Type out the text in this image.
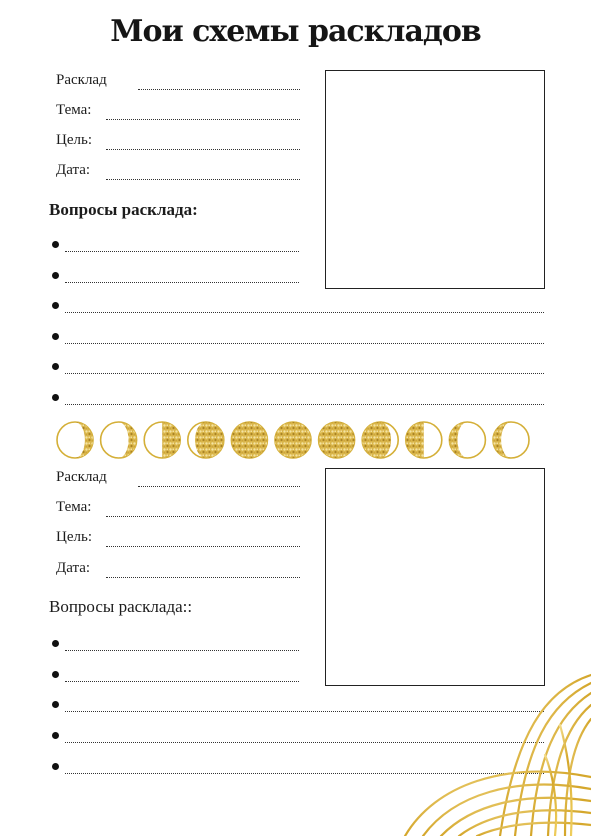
Мои схемы раскладов
Расклад
Тема:
Цель:
Дата:
Вопросы расклада:
Расклад
Тема:
Цель:
Дата:
Вопросы расклада::
